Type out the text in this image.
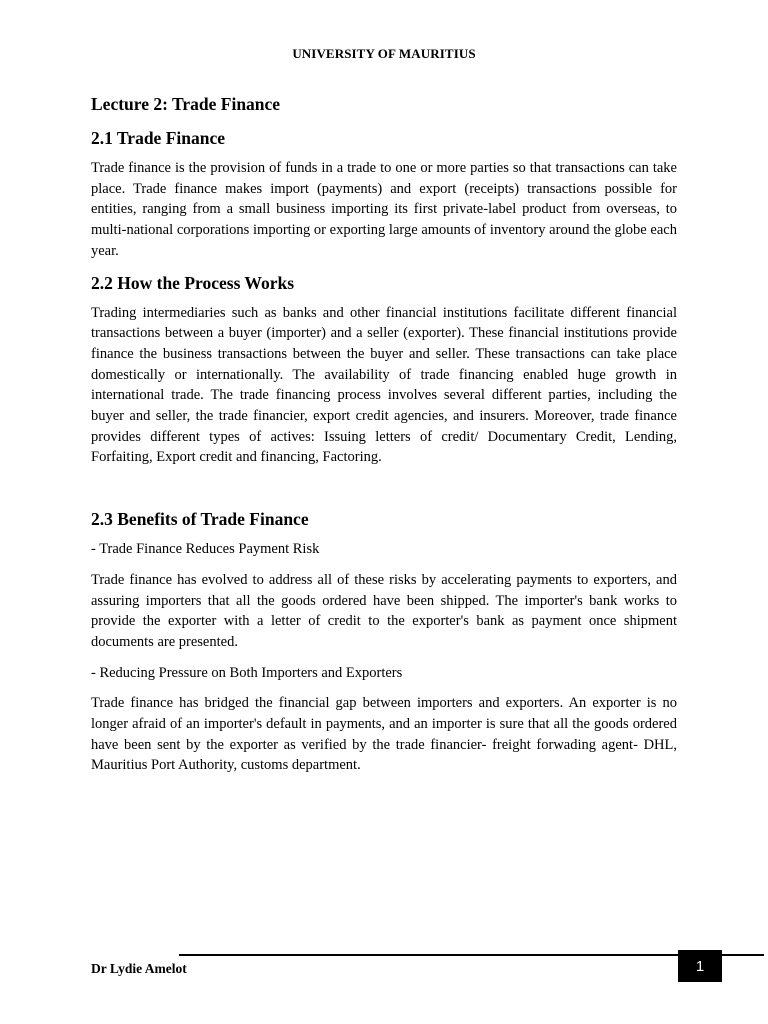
UNIVERSITY OF MAURITIUS
Lecture 2: Trade Finance
2.1 Trade Finance

Trade finance is the provision of funds in a trade to one or more parties so that transactions can take place. Trade finance makes import (payments) and export (receipts) transactions possible for entities, ranging from a small business importing its first private-label product from overseas, to multi-national corporations importing or exporting large amounts of inventory around the globe each year.

2.2 How the Process Works

Trading intermediaries such as banks and other financial institutions facilitate different financial transactions between a buyer (importer) and a seller (exporter). These financial institutions provide finance the business transactions between the buyer and seller. These transactions can take place domestically or internationally. The availability of trade financing enabled huge growth in international trade. The trade financing process involves several different parties, including the buyer and seller, the trade financier, export credit agencies, and insurers. Moreover, trade finance provides different types of actives: Issuing letters of credit/ Documentary Credit, Lending, Forfaiting, Export credit and financing, Factoring.

2.3 Benefits of Trade Finance

- Trade Finance Reduces Payment Risk

Trade finance has evolved to address all of these risks by accelerating payments to exporters, and assuring importers that all the goods ordered have been shipped. The importer's bank works to provide the exporter with a letter of credit to the exporter's bank as payment once shipment documents are presented.

- Reducing Pressure on Both Importers and Exporters

Trade finance has bridged the financial gap between importers and exporters. An exporter is no longer afraid of an importer's default in payments, and an importer is sure that all the goods ordered have been sent by the exporter as verified by the trade financier- freight forwading agent- DHL, Mauritius Port Authority, customs department.

Dr Lydie Amelot	1
